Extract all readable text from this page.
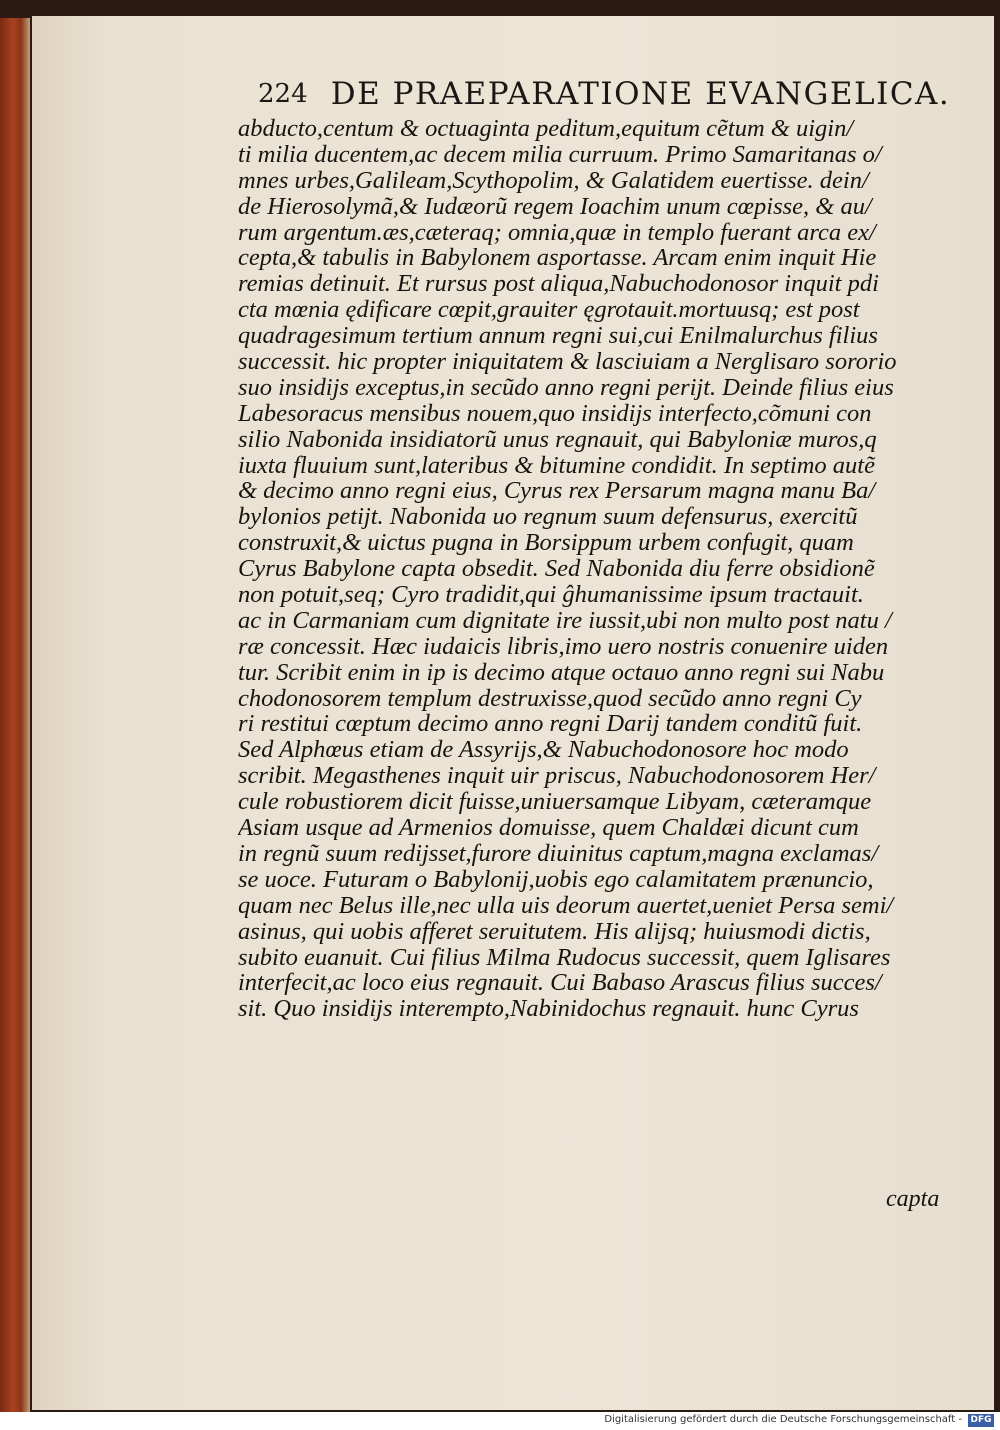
224 DE PRAEPARATIONE EVANGELICA.
abducto,centum & octuaginta peditum,equitum cẽtum & uigin/
ti milia ducentem,ac decem milia curruum. Primo Samaritanas o/
mnes urbes,Galileam,Scythopolim, & Galatidem euertisse. dein/
de Hierosolymã,& Iudæorũ regem Ioachim unum cœpisse, & au/
rum argentum.æs,cæteraq; omnia,quæ in templo fuerant arca ex/
cepta,& tabulis in Babylonem asportasse. Arcam enim inquit Hie
remias detinuit. Et rursus post aliqua,Nabuchodonosor inquit pdi
cta mœnia ędificare cœpit,grauiter ęgrotauit.mortuusq; est post
quadragesimum tertium annum regni sui,cui Enilmalurchus filius
successit. hic propter iniquitatem & lasciuiam a Nerglisaro sororio
suo insidijs exceptus,in secũdo anno regni perijt. Deinde filius eius
Labesoracus mensibus nouem,quo insidijs interfecto,cõmuni con
silio Nabonida insidiatorũ unus regnauit, qui Babyloniæ muros,q
iuxta fluuium sunt,lateribus & bitumine condidit. In septimo autẽ
& decimo anno regni eius, Cyrus rex Persarum magna manu Ba/
bylonios petijt. Nabonida uo regnum suum defensurus, exercitũ
construxit,& uictus pugna in Borsippum urbem confugit, quam
Cyrus Babylone capta obsedit. Sed Nabonida diu ferre obsidionẽ
non potuit,seq; Cyro tradidit,qui ĝhumanissime ipsum tractauit.
ac in Carmaniam cum dignitate ire iussit,ubi non multo post natu /
ræ concessit. Hæc iudaicis libris,imo uero nostris conuenire uiden
tur. Scribit enim in ip is decimo atque octauo anno regni sui Nabu
chodonosorem templum destruxisse,quod secũdo anno regni Cy
ri restitui cœptum decimo anno regni Darij tandem conditũ fuit.
Sed Alphœus etiam de Assyrijs,& Nabuchodonosore hoc modo
scribit. Megasthenes inquit uir priscus, Nabuchodonosorem Her/
cule robustiorem dicit fuisse,uniuersamque Libyam, cæteramque
Asiam usque ad Armenios domuisse, quem Chaldæi dicunt cum
in regnũ suum redijsset,furore diuinitus captum,magna exclamas/
se uoce. Futuram o Babylonij,uobis ego calamitatem prænuncio,
quam nec Belus ille,nec ulla uis deorum auertet,ueniet Persa semi/
asinus, qui uobis afferet seruitutem. His alijsq; huiusmodi dictis,
subito euanuit. Cui filius Milma Rudocus successit, quem Iglisares
interfecit,ac loco eius regnauit. Cui Babaso Arascus filius succes/
sit. Quo insidijs interempto,Nabinidochus regnauit. hunc Cyrus
capta
Digitalisierung gefördert durch die Deutsche Forschungsgemeinschaft - DFG
